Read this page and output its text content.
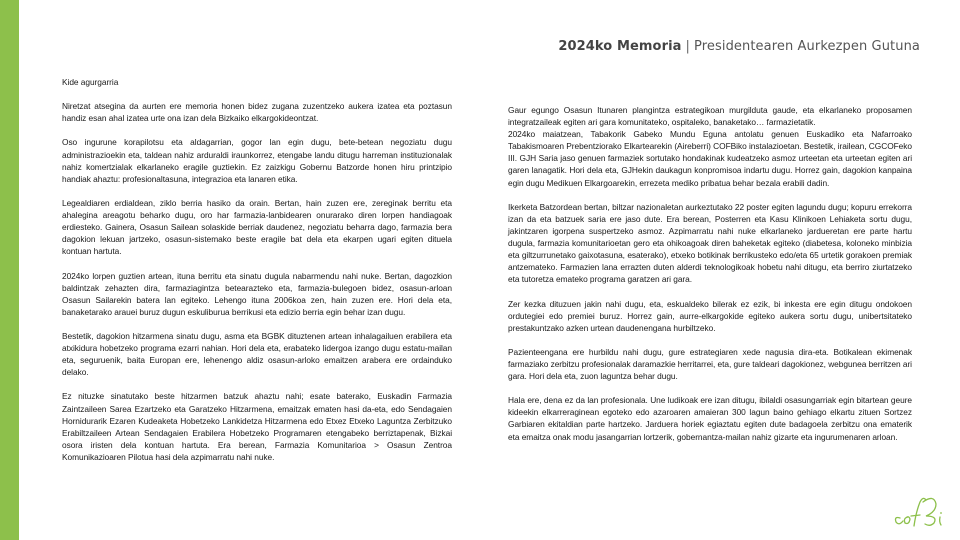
2024ko Memoria | Presidentearen Aurkezpen Gutuna

Kide agurgarria

Niretzat atsegina da aurten ere memoria honen bidez zugana zuzentzeko aukera izatea eta poztasun handiz esan ahal izatea urte ona izan dela Bizkaiko elkargokideontzat.

Oso ingurune korapilotsu eta aldagarrian, gogor lan egin dugu, bete-betean negoziatu dugu administrazioekin eta, taldean nahiz arduraldi iraunkorrez, etengabe landu ditugu harreman instituzionalak nahiz komertzialak elkarlaneko eragile guztiekin. Ez zaizkigu Gobernu Batzorde honen hiru printzipio handiak ahaztu: profesionaltasuna, integrazioa eta lanaren etika.

Legealdiaren erdialdean, ziklo berria hasiko da orain. Bertan, hain zuzen ere, zereginak berritu eta ahalegina areagotu beharko dugu, oro har farmazia-lanbidearen onurarako diren lorpen handiagoak erdiesteko. Gainera, Osasun Sailean solaskide berriak daudenez, negoziatu beharra dago, farmazia bera dagokion lekuan jartzeko, osasun-sistemako beste eragile bat dela eta ekarpen ugari egiten dituela kontuan hartuta.

2024ko lorpen guztien artean, ituna berritu eta sinatu dugula nabarmendu nahi nuke. Bertan, dagozkion baldintzak zehazten dira, farmaziagintza betearazteko eta, farmazia-bulegoen bidez, osasun-arloan Osasun Sailarekin batera lan egiteko. Lehengo ituna 2006koa zen, hain zuzen ere. Hori dela eta, banaketarako arauei buruz dugun eskuliburua berrikusi eta edizio berria egin behar izan dugu.

Bestetik, dagokion hitzarmena sinatu dugu, asma eta BGBK dituztenen artean inhalagailuen erabilera eta atxikidura hobetzeko programa ezarri nahian. Hori dela eta, erabateko lidergoa izango dugu estatu-mailan eta, seguruenik, baita Europan ere, lehenengo aldiz osasun-arloko emaitzen arabera ere ordainduko delako.

Ez nituzke sinatutako beste hitzarmen batzuk ahaztu nahi; esate baterako, Euskadin Farmazia Zaintzaileen Sarea Ezartzeko eta Garatzeko Hitzarmena, emaitzak ematen hasi da-eta, edo Sendagaien Hornidurarik Ezaren Kudeaketa Hobetzeko Lankidetza Hitzarmena edo Etxez Etxeko Laguntza Zerbitzuko Erabiltzaileen Artean Sendagaien Erabilera Hobetzeko Programaren etengabeko berriztapenak, Bizkai osora iristen dela kontuan hartuta. Era berean, Farmazia Komunitarioa > Osasun Zentroa Komunikazioaren Pilotua hasi dela azpimarratu nahi nuke.

Gaur egungo Osasun Itunaren plangintza estrategikoan murgilduta gaude, eta elkarlaneko proposamen integratzaileak egiten ari gara komunitateko, ospitaleko, banaketako… farmazietatik.

2024ko maiatzean, Tabakorik Gabeko Mundu Eguna antolatu genuen Euskadiko eta Nafarroako Tabakismoaren Prebentziorako Elkartearekin (Aireberri) COFBiko instalazioetan. Bestetik, irailean, CGCOFeko III. GJH Saria jaso genuen farmaziek sortutako hondakinak kudeatzeko asmoz urteetan eta urteetan egiten ari garen lanagatik. Hori dela eta, GJHekin daukagun konpromisoa indartu dugu. Horrez gain, dagokion kanpaina egin dugu Medikuen Elkargoarekin, errezeta mediko pribatua behar bezala erabili dadin.

Ikerketa Batzordean bertan, biltzar nazionaletan aurkeztutako 22 poster egiten lagundu dugu; kopuru errekorra izan da eta batzuek saria ere jaso dute. Era berean, Posterren eta Kasu Klinikoen Lehiaketa sortu dugu, jakintzaren igorpena suspertzeko asmoz. Azpimarratu nahi nuke elkarlaneko jardueretan ere parte hartu dugula, farmazia komunitarioetan gero eta ohikoagoak diren baheketak egiteko (diabetesa, koloneko minbizia eta giltzurrunetako gaixotasuna, esaterako), etxeko botikinak berrikusteko edo/eta 65 urtetik gorakoen premiak antzemateko. Farmazien lana errazten duten alderdi teknologikoak hobetu nahi ditugu, eta berriro ziurtatzeko eta tutoretza emateko programa garatzen ari gara.

Zer kezka dituzuen jakin nahi dugu, eta, eskualdeko bilerak ez ezik, bi inkesta ere egin ditugu ondokoen ordutegiei edo premiei buruz. Horrez gain, aurre-elkargokide egiteko aukera sortu dugu, unibertsitateko prestakuntzako azken urtean daudenengana hurbiltzeko.

Pazienteengana ere hurbildu nahi dugu, gure estrategiaren xede nagusia dira-eta. Botikalean ekimenak farmaziako zerbitzu profesionalak daramazkie herritarrei, eta, gure taldeari dagokionez, webgunea berritzen ari gara. Hori dela eta, zuon laguntza behar dugu.

Hala ere, dena ez da lan profesionala. Une ludikoak ere izan ditugu, ibilaldi osasungarriak egin bitartean geure kideekin elkarreraginean egoteko edo azaroaren amaieran 300 lagun baino gehiago elkartu zituen Sortzez Garbiaren ekitaldian parte hartzeko. Jarduera horiek egiaztatu egiten dute badagoela zerbitzu ona ematerik eta emaitza onak modu jasangarrian lortzerik, gobernantza-mailan nahiz gizarte eta ingurumenaren arloan.
